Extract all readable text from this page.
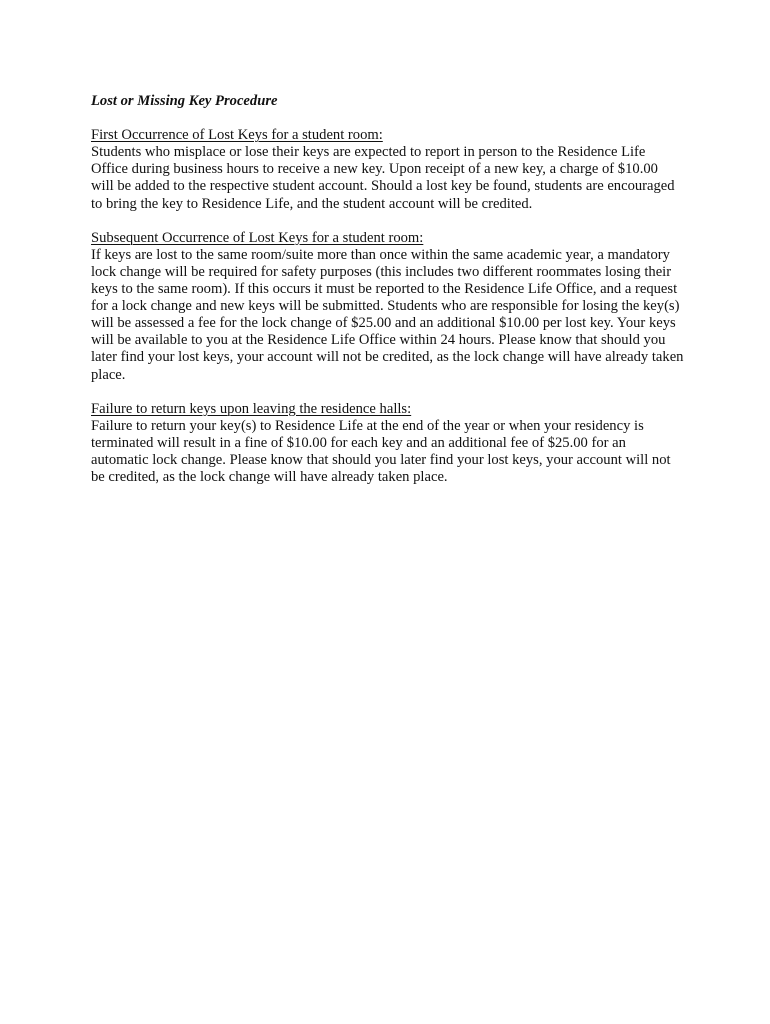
Lost or Missing Key Procedure
First Occurrence of Lost Keys for a student room:
Students who misplace or lose their keys are expected to report in person to the Residence Life
Office during business hours to receive a new key. Upon receipt of a new key, a charge of $10.00
will be added to the respective student account. Should a lost key be found, students are encouraged
to bring the key to Residence Life, and the student account will be credited.
Subsequent Occurrence of Lost Keys for a student room:
If keys are lost to the same room/suite more than once within the same academic year, a mandatory
lock change will be required for safety purposes (this includes two different roommates losing their
keys to the same room). If this occurs it must be reported to the Residence Life Office, and a request
for a lock change and new keys will be submitted. Students who are responsible for losing the key(s)
will be assessed a fee for the lock change of $25.00 and an additional $10.00 per lost key. Your keys
will be available to you at the Residence Life Office within 24 hours. Please know that should you
later find your lost keys, your account will not be credited, as the lock change will have already taken
place.
Failure to return keys upon leaving the residence halls:
Failure to return your key(s) to Residence Life at the end of the year or when your residency is
terminated will result in a fine of $10.00 for each key and an additional fee of $25.00 for an
automatic lock change. Please know that should you later find your lost keys, your account will not
be credited, as the lock change will have already taken place.
